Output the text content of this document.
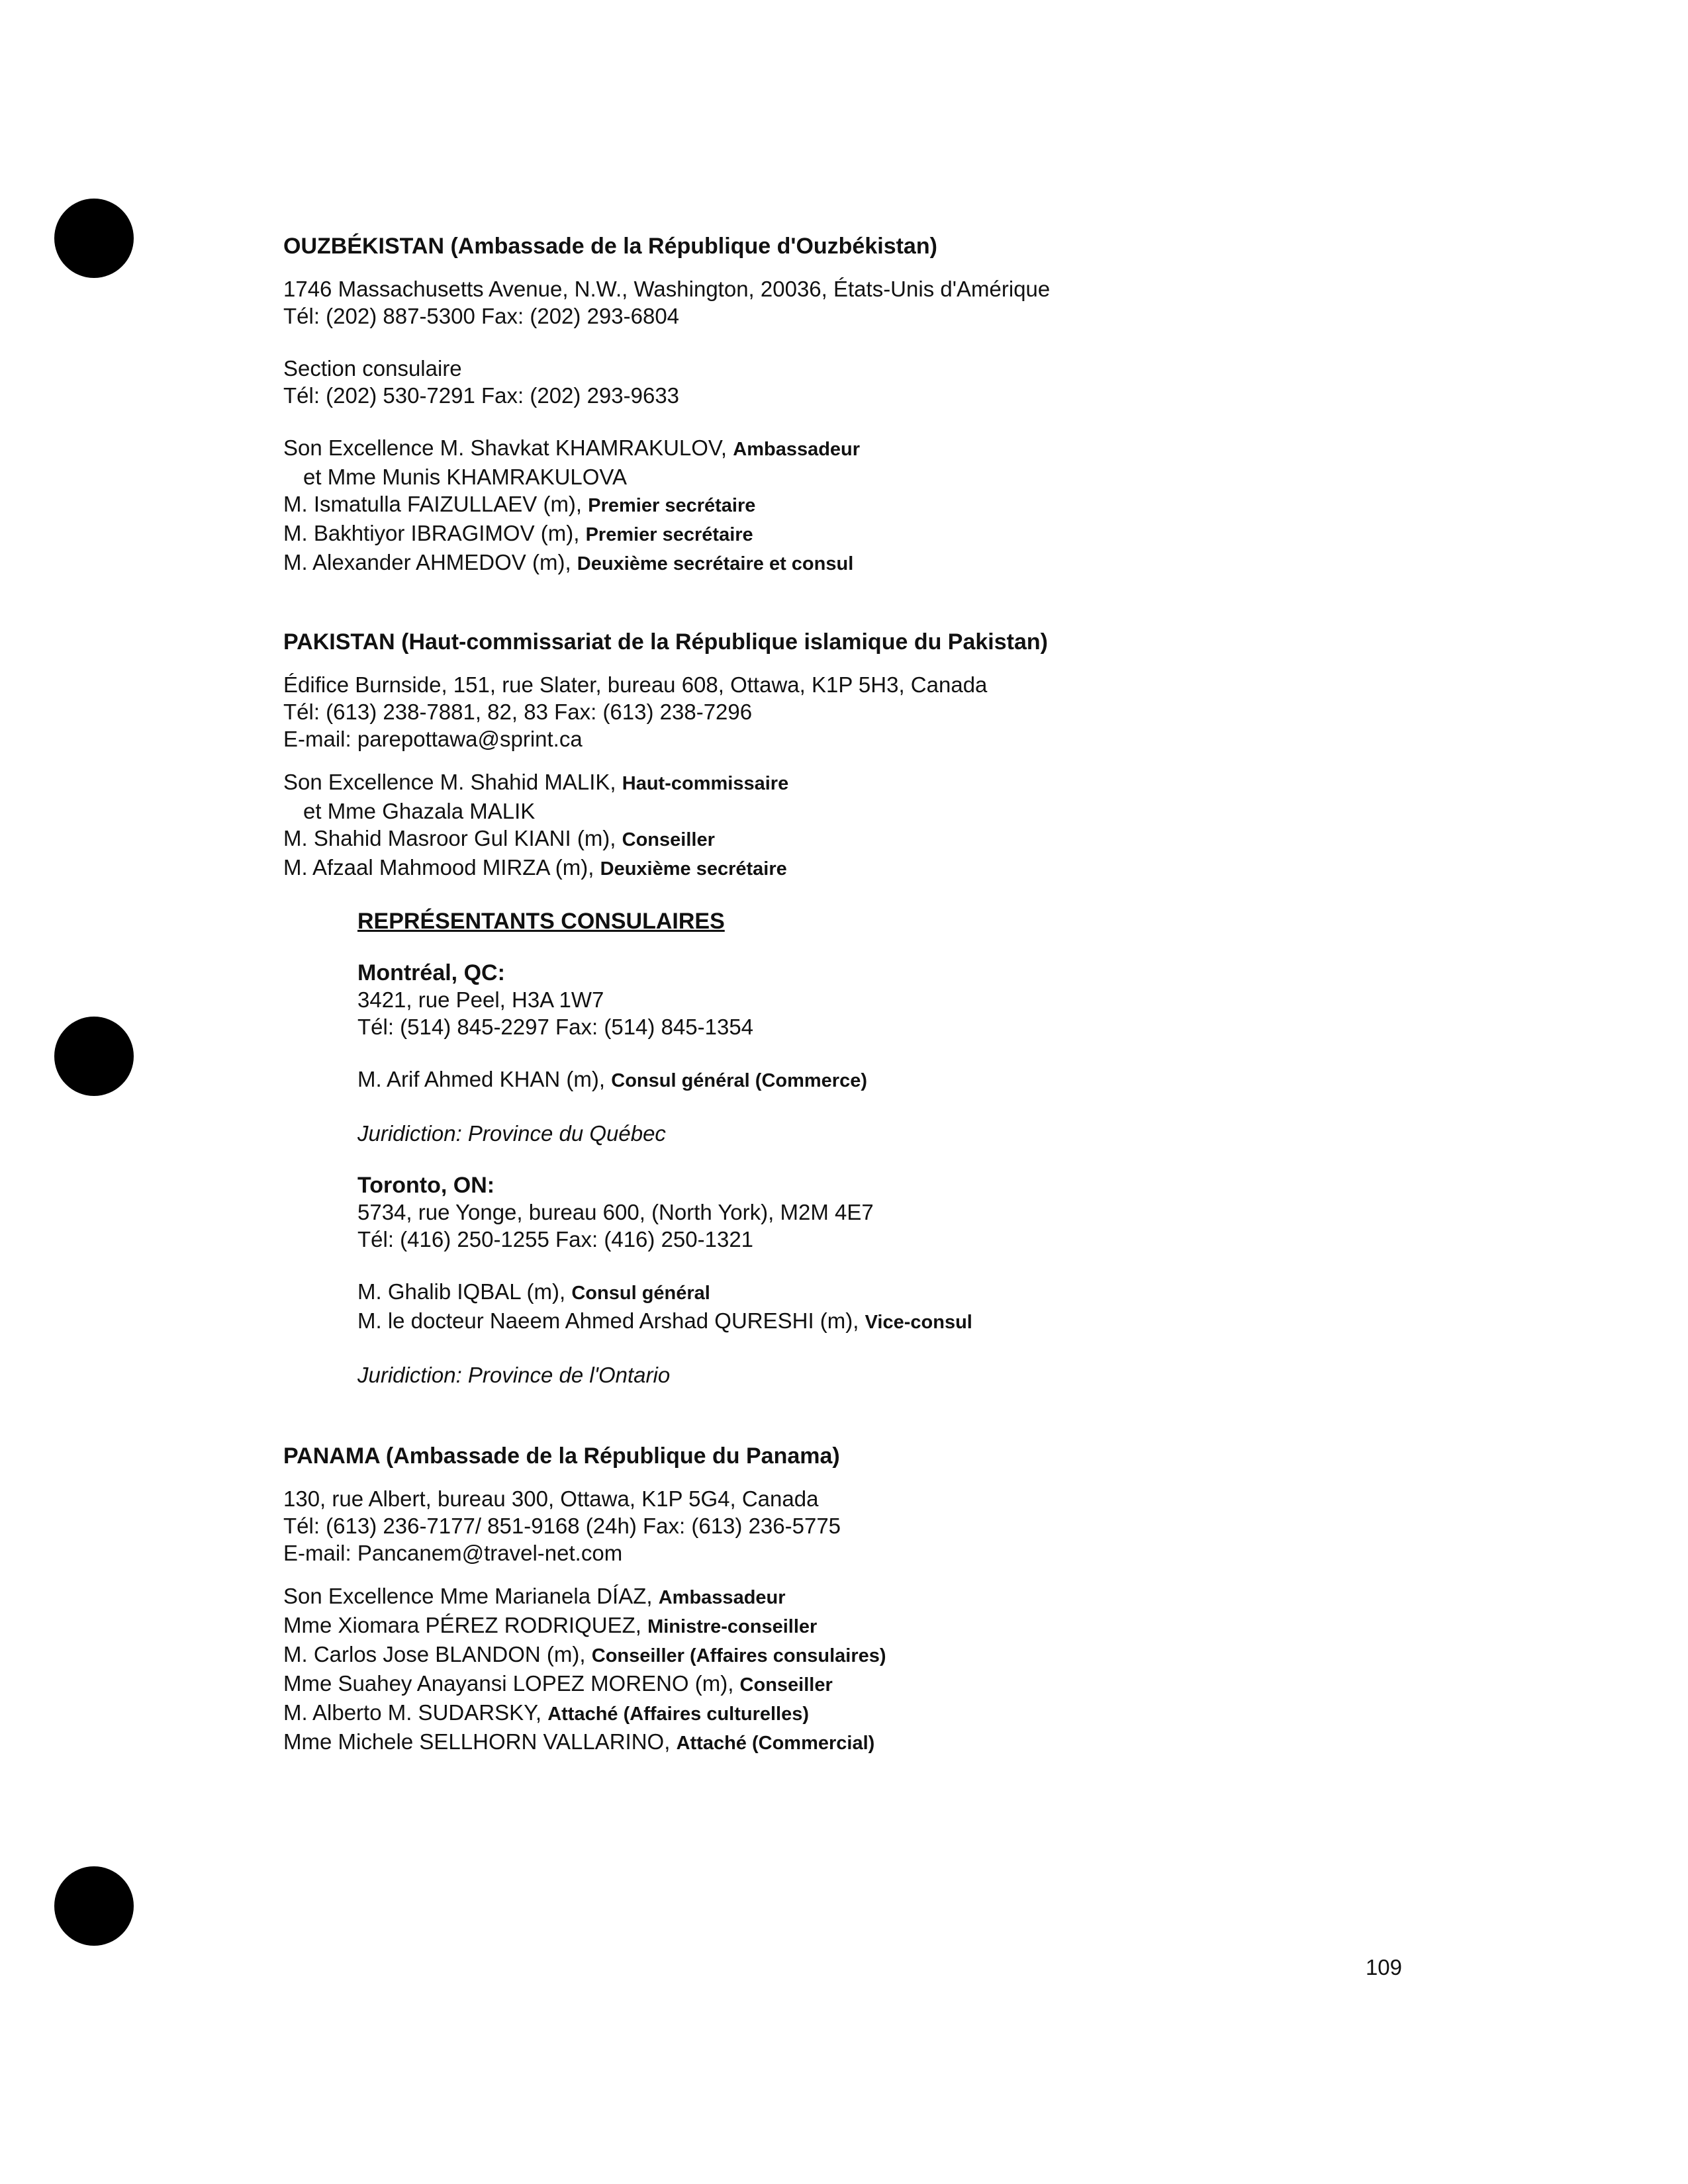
OUZBÉKISTAN (Ambassade de la République d'Ouzbékistan)

1746 Massachusetts Avenue, N.W., Washington, 20036, États-Unis d'Amérique

Tél: (202) 887-5300 Fax: (202) 293-6804

Section consulaire

Tél: (202) 530-7291 Fax: (202) 293-9633

Son Excellence M. Shavkat KHAMRAKULOV, Ambassadeur

et Mme Munis KHAMRAKULOVA

M. Ismatulla FAIZULLAEV (m), Premier secrétaire

M. Bakhtiyor IBRAGIMOV (m), Premier secrétaire

M. Alexander AHMEDOV (m), Deuxième secrétaire et consul

PAKISTAN (Haut-commissariat de la République islamique du Pakistan)

Édifice Burnside, 151, rue Slater, bureau 608, Ottawa, K1P 5H3, Canada

Tél: (613) 238-7881, 82, 83 Fax: (613) 238-7296

E-mail: parepottawa@sprint.ca

Son Excellence M. Shahid MALIK, Haut-commissaire

et Mme Ghazala MALIK

M. Shahid Masroor Gul KIANI (m), Conseiller

M. Afzaal Mahmood MIRZA (m), Deuxième secrétaire

REPRÉSENTANTS CONSULAIRES

Montréal, QC:

3421, rue Peel, H3A 1W7

Tél: (514) 845-2297 Fax: (514) 845-1354

M. Arif Ahmed KHAN (m), Consul général (Commerce)

Juridiction: Province du Québec

Toronto, ON:

5734, rue Yonge, bureau 600, (North York), M2M 4E7

Tél: (416) 250-1255 Fax: (416) 250-1321

M. Ghalib IQBAL (m), Consul général

M. le docteur Naeem Ahmed Arshad QURESHI (m), Vice-consul

Juridiction: Province de l'Ontario

PANAMA (Ambassade de la République du Panama)

130, rue Albert, bureau 300, Ottawa, K1P 5G4, Canada

Tél: (613) 236-7177/ 851-9168 (24h) Fax: (613) 236-5775

E-mail: Pancanem@travel-net.com

Son Excellence Mme Marianela DÍAZ, Ambassadeur

Mme Xiomara PÉREZ RODRIQUEZ, Ministre-conseiller

M. Carlos Jose BLANDON (m), Conseiller (Affaires consulaires)

Mme Suahey Anayansi LOPEZ MORENO (m), Conseiller

M. Alberto M. SUDARSKY, Attaché (Affaires culturelles)

Mme Michele SELLHORN VALLARINO, Attaché (Commercial)

109
